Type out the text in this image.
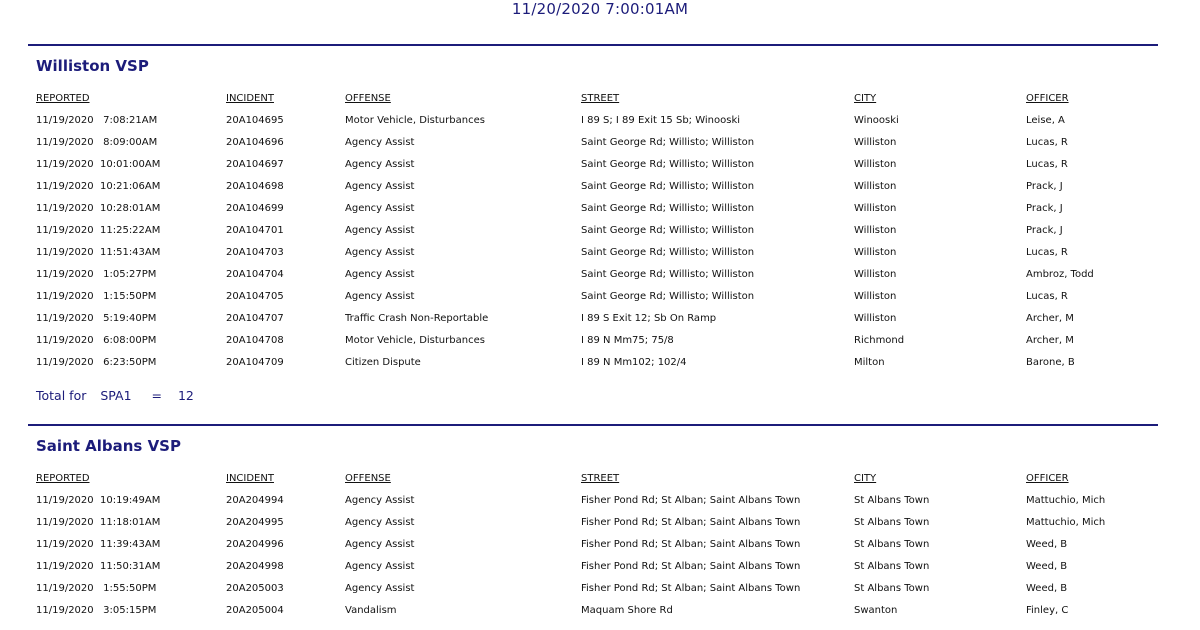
11/20/2020 7:00:01AM
Williston VSP
REPORTED	INCIDENT	OFFENSE	STREET	CITY	OFFICER
11/19/2020   7:08:21AM	20A104695	Motor Vehicle, Disturbances	I 89 S; I 89 Exit 15 Sb; Winooski	Winooski	Leise, A
11/19/2020   8:09:00AM	20A104696	Agency Assist	Saint George Rd; Willisto; Williston	Williston	Lucas, R
11/19/2020  10:01:00AM	20A104697	Agency Assist	Saint George Rd; Willisto; Williston	Williston	Lucas, R
11/19/2020  10:21:06AM	20A104698	Agency Assist	Saint George Rd; Willisto; Williston	Williston	Prack, J
11/19/2020  10:28:01AM	20A104699	Agency Assist	Saint George Rd; Willisto; Williston	Williston	Prack, J
11/19/2020  11:25:22AM	20A104701	Agency Assist	Saint George Rd; Willisto; Williston	Williston	Prack, J
11/19/2020  11:51:43AM	20A104703	Agency Assist	Saint George Rd; Willisto; Williston	Williston	Lucas, R
11/19/2020   1:05:27PM	20A104704	Agency Assist	Saint George Rd; Willisto; Williston	Williston	Ambroz, Todd
11/19/2020   1:15:50PM	20A104705	Agency Assist	Saint George Rd; Willisto; Williston	Williston	Lucas, R
11/19/2020   5:19:40PM	20A104707	Traffic Crash Non-Reportable	I 89 S Exit 12; Sb On Ramp	Williston	Archer, M
11/19/2020   6:08:00PM	20A104708	Motor Vehicle, Disturbances	I 89 N Mm75; 75/8	Richmond	Archer, M
11/19/2020   6:23:50PM	20A104709	Citizen Dispute	I 89 N Mm102; 102/4	Milton	Barone, B
Total for SPA1 = 12
Saint Albans VSP
REPORTED	INCIDENT	OFFENSE	STREET	CITY	OFFICER
11/19/2020  10:19:49AM	20A204994	Agency Assist	Fisher Pond Rd; St Alban; Saint Albans Town	St Albans Town	Mattuchio, Mich
11/19/2020  11:18:01AM	20A204995	Agency Assist	Fisher Pond Rd; St Alban; Saint Albans Town	St Albans Town	Mattuchio, Mich
11/19/2020  11:39:43AM	20A204996	Agency Assist	Fisher Pond Rd; St Alban; Saint Albans Town	St Albans Town	Weed, B
11/19/2020  11:50:31AM	20A204998	Agency Assist	Fisher Pond Rd; St Alban; Saint Albans Town	St Albans Town	Weed, B
11/19/2020   1:55:50PM	20A205003	Agency Assist	Fisher Pond Rd; St Alban; Saint Albans Town	St Albans Town	Weed, B
11/19/2020   3:05:15PM	20A205004	Vandalism	Maquam Shore Rd	Swanton	Finley, C
